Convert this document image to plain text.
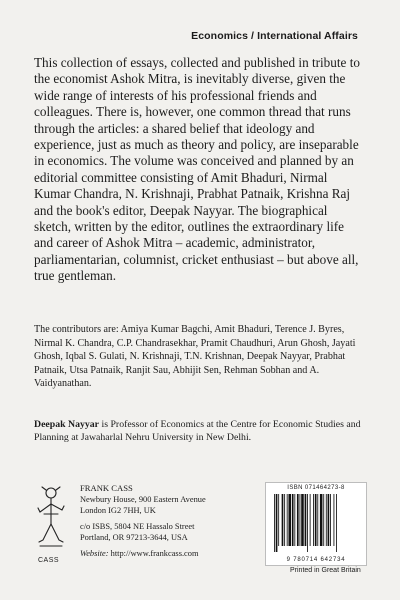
Economics / International Affairs

This collection of essays, collected and published in tribute to the economist Ashok Mitra, is inevitably diverse, given the wide range of interests of his professional friends and colleagues. There is, however, one common thread that runs through the articles: a shared belief that ideology and experience, just as much as theory and policy, are inseparable in economics. The volume was conceived and planned by an editorial committee consisting of Amit Bhaduri, Nirmal Kumar Chandra, N. Krishnaji, Prabhat Patnaik, Krishna Raj and the book's editor, Deepak Nayyar. The biographical sketch, written by the editor, outlines the extraordinary life and career of Ashok Mitra – academic, administrator, parliamentarian, columnist, cricket enthusiast – but above all, true gentleman.

The contributors are: Amiya Kumar Bagchi, Amit Bhaduri, Terence J. Byres, Nirmal K. Chandra, C.P. Chandrasekhar, Pramit Chaudhuri, Arun Ghosh, Jayati Ghosh, Iqbal S. Gulati, N. Krishnaji, T.N. Krishnan, Deepak Nayyar, Prabhat Patnaik, Utsa Patnaik, Ranjit Sau, Abhijit Sen, Rehman Sobhan and A. Vaidyanathan.

Deepak Nayyar is Professor of Economics at the Centre for Economic Studies and Planning at Jawaharlal Nehru University in New Delhi.

CASS
FRANK CASS
Newbury House, 900 Eastern Avenue
London IG2 7HH, UK
c/o ISBS, 5804 NE Hassalo Street
Portland, OR 97213-3644, USA
Website: http://www.frankcass.com
ISBN 071464273-8
9 780714 642734
Printed in Great Britain
